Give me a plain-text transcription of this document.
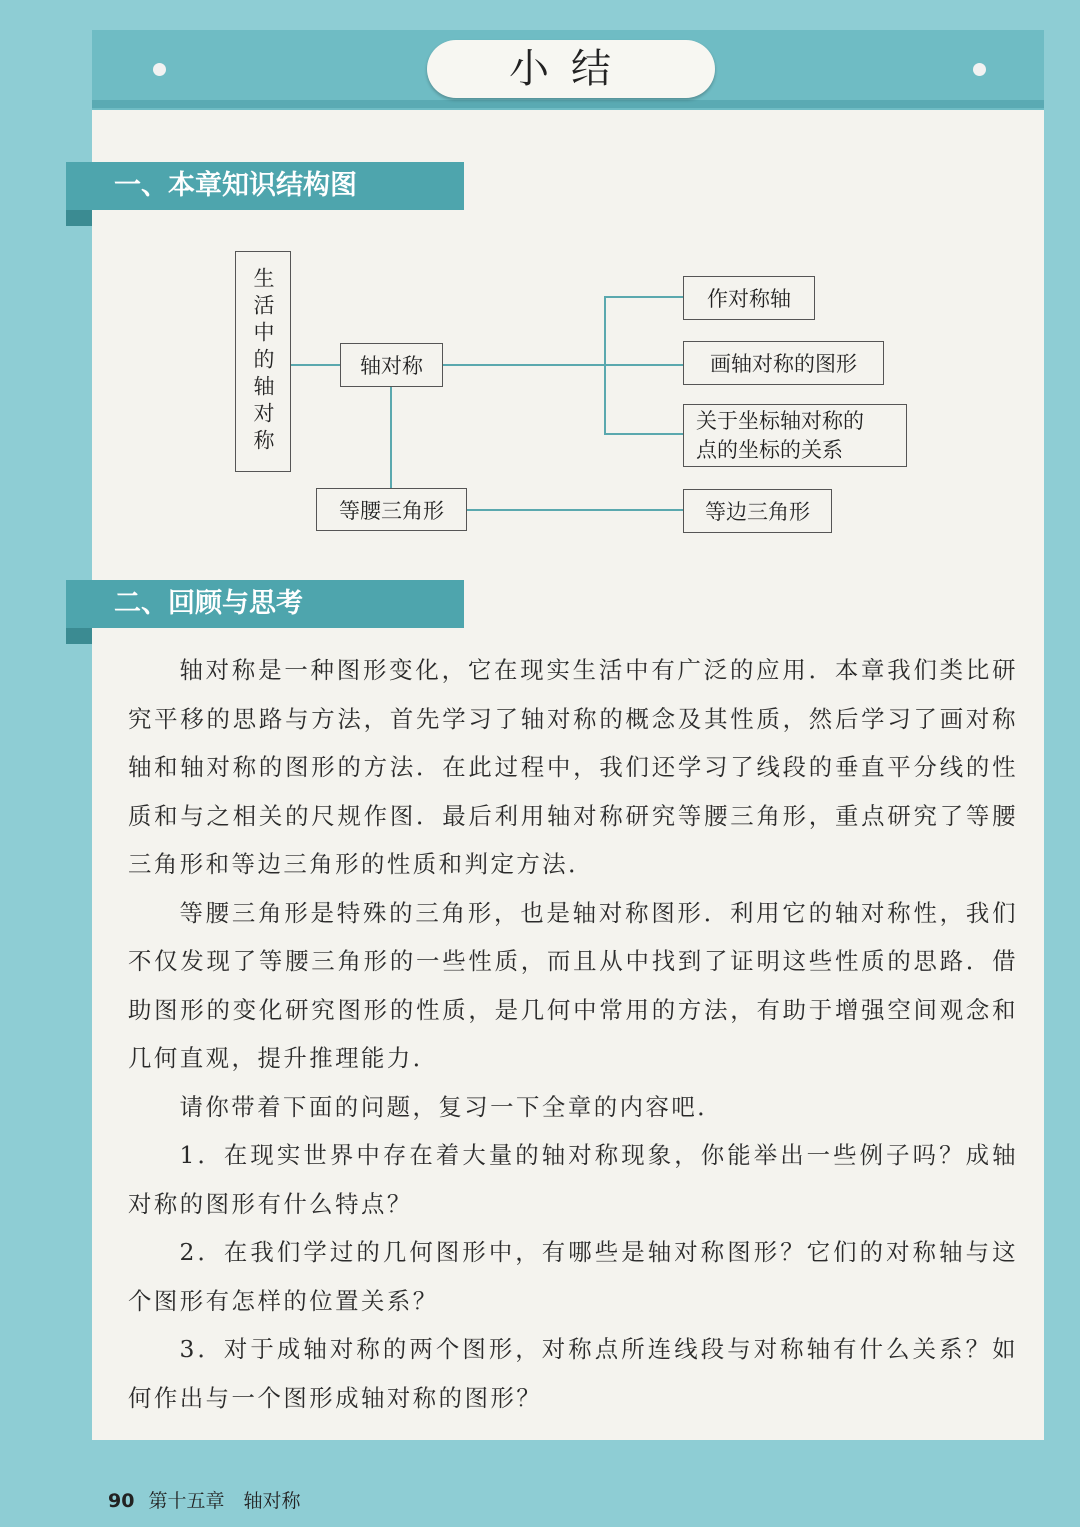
小结
一、本章知识结构图
生活中的轴对称	轴对称
等腰三角形
作对称轴
画轴对称的图形
关于坐标轴对称的
点的坐标的关系
等边三角形
二、回顾与思考

轴对称是一种图形变化，它在现实生活中有广泛的应用．本章我们类比研究平移的思路与方法，首先学习了轴对称的概念及其性质，然后学习了画对称轴和轴对称的图形的方法．在此过程中，我们还学习了线段的垂直平分线的性质和与之相关的尺规作图．最后利用轴对称研究等腰三角形，重点研究了等腰三角形和等边三角形的性质和判定方法．

等腰三角形是特殊的三角形，也是轴对称图形．利用它的轴对称性，我们不仅发现了等腰三角形的一些性质，而且从中找到了证明这些性质的思路．借助图形的变化研究图形的性质，是几何中常用的方法，有助于增强空间观念和几何直观，提升推理能力．

请你带着下面的问题，复习一下全章的内容吧．

1．在现实世界中存在着大量的轴对称现象，你能举出一些例子吗？成轴对称的图形有什么特点？

2．在我们学过的几何图形中，有哪些是轴对称图形？它们的对称轴与这个图形有怎样的位置关系？

3．对于成轴对称的两个图形，对称点所连线段与对称轴有什么关系？如何作出与一个图形成轴对称的图形？

90 第十五章　轴对称
